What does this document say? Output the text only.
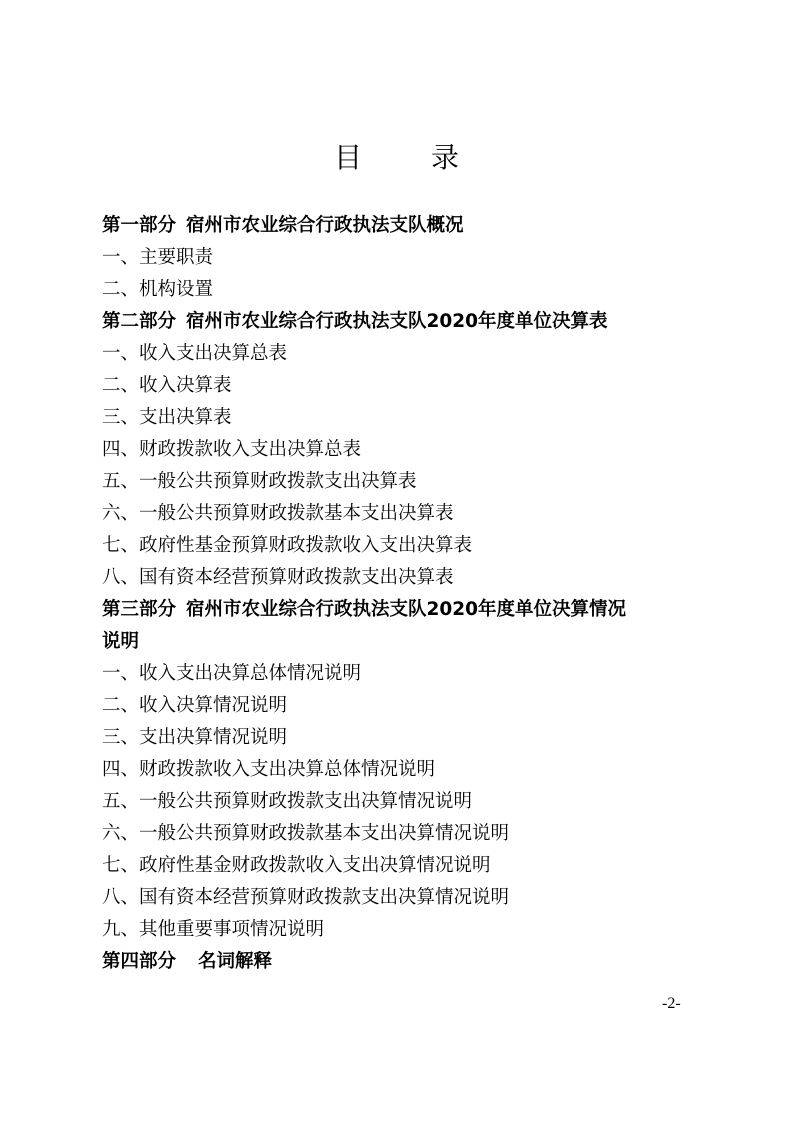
目 录
第一部分 宿州市农业综合行政执法支队概况
一、主要职责
二、机构设置
第二部分 宿州市农业综合行政执法支队2020年度单位决算表
一、收入支出决算总表
二、收入决算表
三、支出决算表
四、财政拨款收入支出决算总表
五、一般公共预算财政拨款支出决算表
六、一般公共预算财政拨款基本支出决算表
七、政府性基金预算财政拨款收入支出决算表
八、国有资本经营预算财政拨款支出决算表
第三部分 宿州市农业综合行政执法支队2020年度单位决算情况
说明
一、收入支出决算总体情况说明
二、收入决算情况说明
三、支出决算情况说明
四、财政拨款收入支出决算总体情况说明
五、一般公共预算财政拨款支出决算情况说明
六、一般公共预算财政拨款基本支出决算情况说明
七、政府性基金财政拨款收入支出决算情况说明
八、国有资本经营预算财政拨款支出决算情况说明
九、其他重要事项情况说明
第四部分 名词解释
-2-
